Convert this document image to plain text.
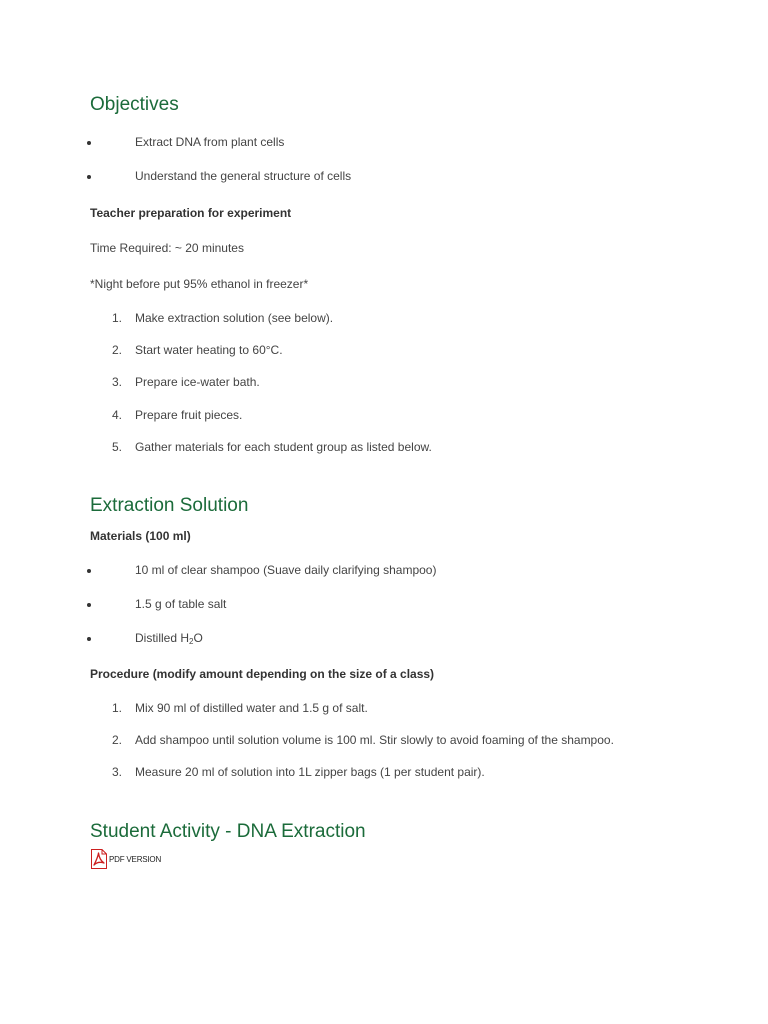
Objectives
Extract DNA from plant cells
Understand the general structure of cells

Teacher preparation for experiment

Time Required: ~ 20 minutes

*Night before put 95% ethanol in freezer*

1. Make extraction solution (see below).
2. Start water heating to 60°C.
3. Prepare ice-water bath.
4. Prepare fruit pieces.
5. Gather materials for each student group as listed below.
Extraction Solution

Materials (100 ml)

10 ml of clear shampoo (Suave daily clarifying shampoo)
1.5 g of table salt
Distilled $H_2O$

Procedure (modify amount depending on the size of a class)

1. Mix 90 ml of distilled water and 1.5 g of salt.
2. Add shampoo until solution volume is 100 ml. Stir slowly to avoid foaming of the shampoo.
3. Measure 20 ml of solution into 1L zipper bags (1 per student pair).
Student Activity - DNA Extraction
PDF VERSION
